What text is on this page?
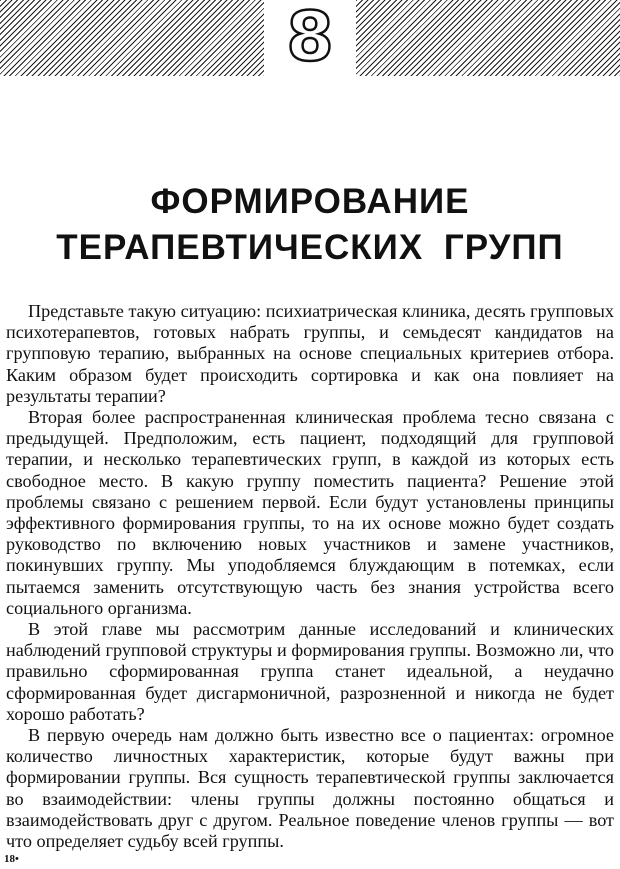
8
ФОРМИРОВАНИЕ
ТЕРАПЕВТИЧЕСКИХ ГРУПП

Представьте такую ситуацию: психиатрическая клиника, десять групповых психотерапевтов, готовых набрать группы, и семьдесят кандидатов на групповую терапию, выбранных на основе специальных критериев отбора. Каким образом будет происходить сортировка и как она повлияет на результаты терапии?

Вторая более распространенная клиническая проблема тесно связана с предыдущей. Предположим, есть пациент, подходящий для групповой терапии, и несколько терапевтических групп, в каждой из которых есть свободное место. В какую группу поместить пациента? Решение этой проблемы связано с решением первой. Если будут установлены принципы эффективного формирования группы, то на их основе можно будет создать руководство по включению новых участников и замене участников, покинувших группу. Мы уподобляемся блуждающим в потемках, если пытаемся заменить отсутствующую часть без знания устройства всего социального организма.

В этой главе мы рассмотрим данные исследований и клинических наблюдений групповой структуры и формирования группы. Возможно ли, что правильно сформированная группа станет идеальной, а неудачно сформированная будет дисгармоничной, разрозненной и никогда не будет хорошо работать?

В первую очередь нам должно быть известно все о пациентах: огромное количество личностных характеристик, которые будут важны при формировании группы. Вся сущность терапевтической группы заключается во взаимодействии: члены группы должны постоянно общаться и взаимодействовать друг с другом. Реальное поведение членов группы — вот что определяет судьбу всей группы.

18•
